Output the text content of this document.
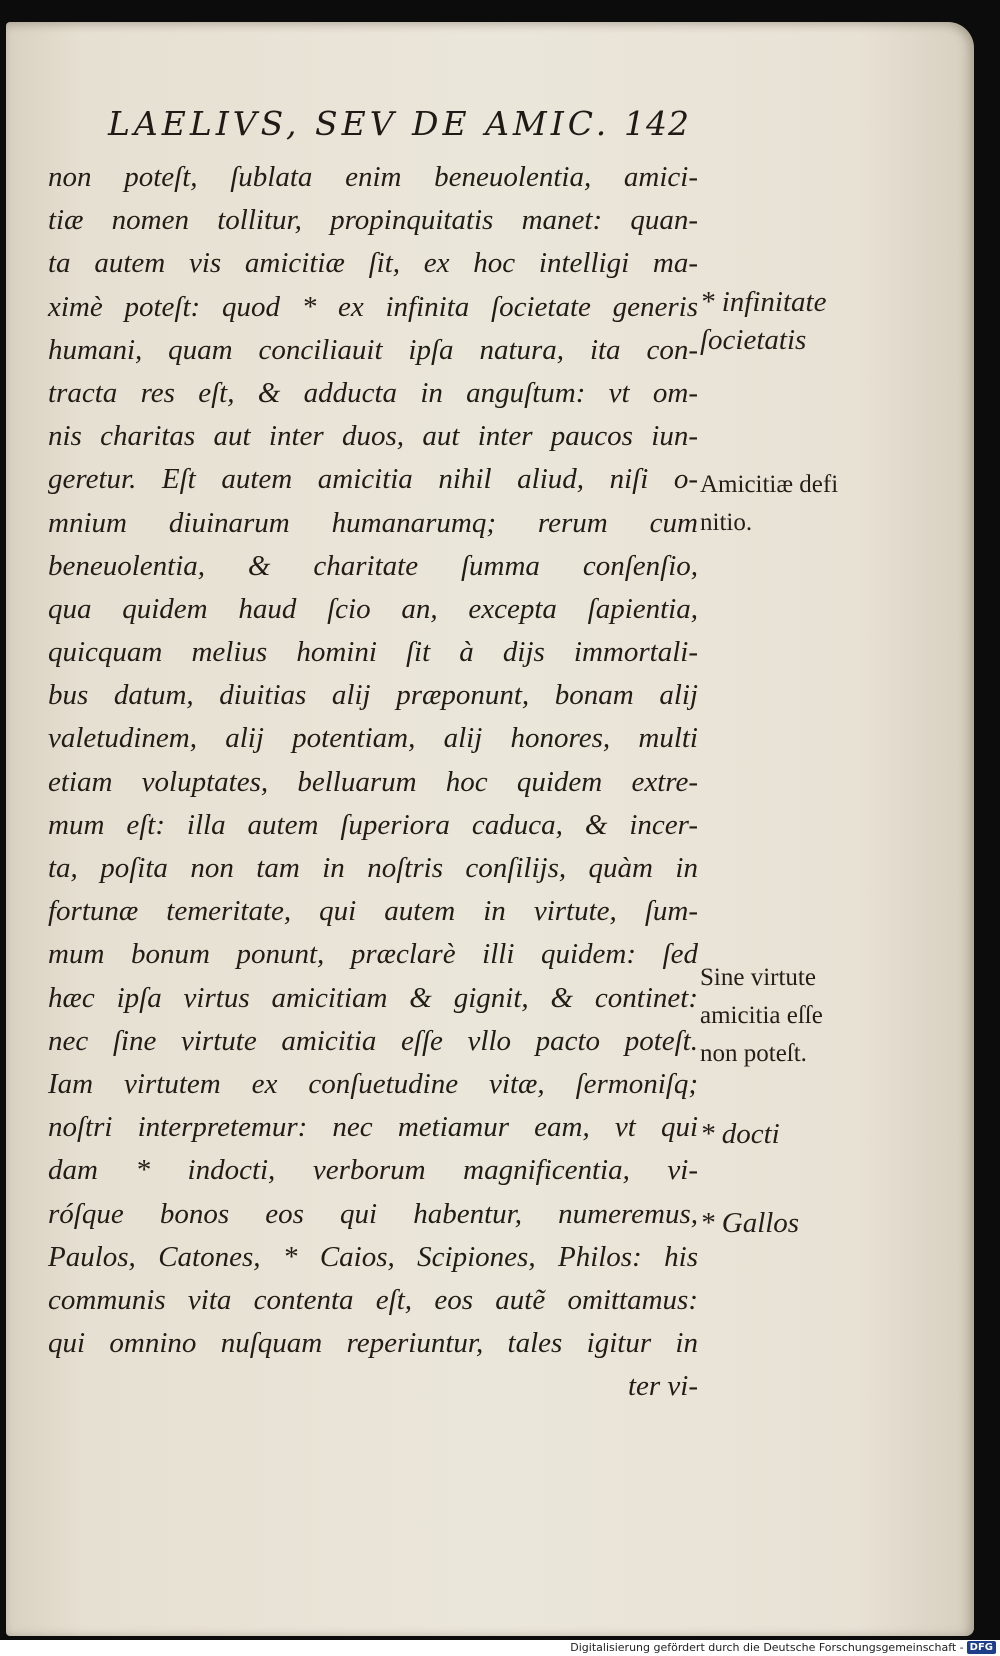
LAELIVS, SEV DE AMIC. 142
non poteſt, ſublata enim beneuolentia, amici-
tiæ nomen tollitur, propinquitatis manet: quan-
ta autem vis amicitiæ ſit, ex hoc intelligi ma-
ximè poteſt: quod * ex infinita ſocietate generis
humani, quam conciliauit ipſa natura, ita con-
tracta res eſt, & adducta in anguſtum: vt om-
nis charitas aut inter duos, aut inter paucos iun-
geretur. Eſt autem amicitia nihil aliud, niſi o-
mnium diuinarum humanarumq; rerum cum
beneuolentia, & charitate ſumma conſenſio,
qua quidem haud ſcio an, excepta ſapientia,
quicquam melius homini ſit à dijs immortali-
bus datum, diuitias alij præponunt, bonam alij
valetudinem, alij potentiam, alij honores, multi
etiam voluptates, belluarum hoc quidem extre-
mum eſt: illa autem ſuperiora caduca, & incer-
ta, poſita non tam in noſtris conſilijs, quàm in
fortunæ temeritate, qui autem in virtute, ſum-
mum bonum ponunt, præclarè illi quidem: ſed
hæc ipſa virtus amicitiam & gignit, & continet:
nec ſine virtute amicitia eſſe vllo pacto poteſt.
Iam virtutem ex conſuetudine vitæ, ſermoniſq;
noſtri interpretemur: nec metiamur eam, vt qui
dam * indocti, verborum magnificentia, vi-
róſque bonos eos qui habentur, numeremus,
Paulos, Catones, * Caios, Scipiones, Philos: his
communis vita contenta eſt, eos autẽ omittamus:
qui omnino nuſquam reperiuntur, tales igitur in
ter vi-
* infinitate
ſocietatis
Amicitiæ defi
nitio.
Sine virtute
amicitia eſſe
non poteſt.
* docti
* Gallos
Digitalisierung gefördert durch die Deutsche Forschungsgemeinschaft - DFG
